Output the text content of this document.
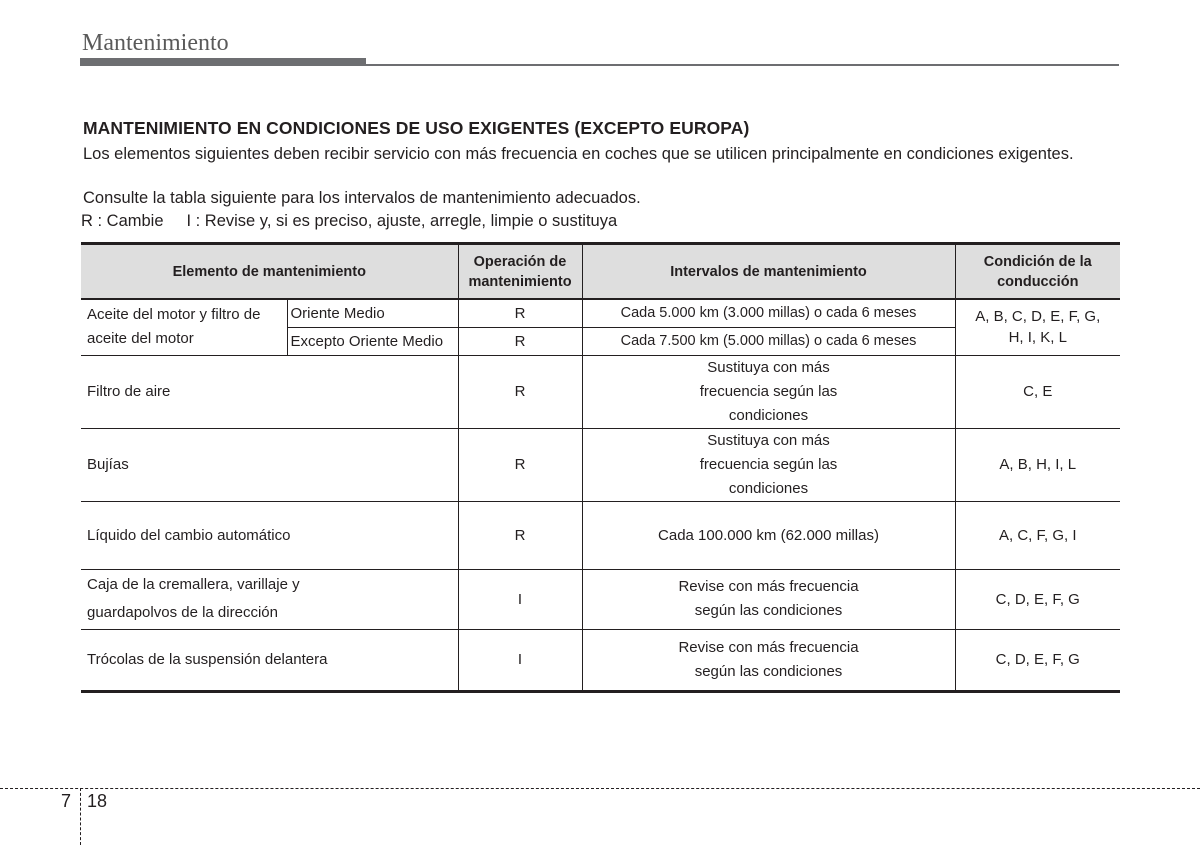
Mantenimiento
MANTENIMIENTO EN CONDICIONES DE USO EXIGENTES (EXCEPTO EUROPA)
Los elementos siguientes deben recibir servicio con más frecuencia en coches que se utilicen principalmente en condiciones exigentes.
Consulte la tabla siguiente para los intervalos de mantenimiento adecuados.
R : Cambie     I : Revise y, si es preciso, ajuste, arregle, limpie o sustituya
Elemento de mantenimiento		Operación de mantenimiento	Intervalos de mantenimiento	Condición de la conducción
Aceite del motor y filtro de aceite del motor	Oriente Medio	R	Cada 5.000 km (3.000 millas) o cada 6 meses	A, B, C, D, E, F, G, H, I, K, L
	Excepto Oriente Medio	R	Cada 7.500 km (5.000 millas) o cada 6 meses	
Filtro de aire		R	Sustituya con más frecuencia según las condiciones	C, E
Bujías		R	Sustituya con más frecuencia según las condiciones	A, B, H, I, L
Líquido del cambio automático		R	Cada 100.000 km (62.000 millas)	A, C, F, G, I
Caja de la cremallera, varillaje y guardapolvos de la dirección		I	Revise con más frecuencia según las condiciones	C, D, E, F, G
Trócolas de la suspensión delantera		I	Revise con más frecuencia según las condiciones	C, D, E, F, G
7 18
